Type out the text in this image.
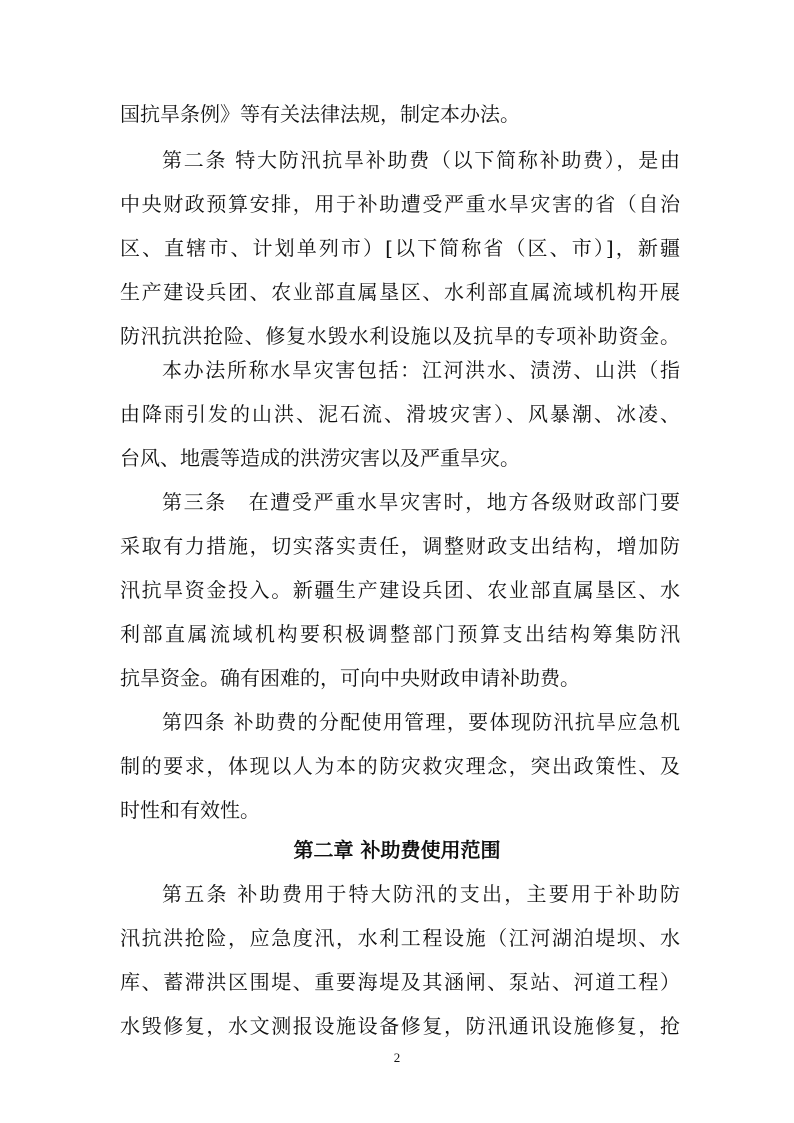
国抗旱条例》等有关法律法规，制定本办法。
第二条 特大防汛抗旱补助费（以下简称补助费），是由
中央财政预算安排，用于补助遭受严重水旱灾害的省（自治
区、直辖市、计划单列市）[以下简称省（区、市）]，新疆
生产建设兵团、农业部直属垦区、水利部直属流域机构开展
防汛抗洪抢险、修复水毁水利设施以及抗旱的专项补助资金。
本办法所称水旱灾害包括：江河洪水、渍涝、山洪（指
由降雨引发的山洪、泥石流、滑坡灾害）、风暴潮、冰凌、
台风、地震等造成的洪涝灾害以及严重旱灾。
第三条　在遭受严重水旱灾害时，地方各级财政部门要
采取有力措施，切实落实责任，调整财政支出结构，增加防
汛抗旱资金投入。新疆生产建设兵团、农业部直属垦区、水
利部直属流域机构要积极调整部门预算支出结构筹集防汛
抗旱资金。确有困难的，可向中央财政申请补助费。
第四条 补助费的分配使用管理，要体现防汛抗旱应急机
制的要求，体现以人为本的防灾救灾理念，突出政策性、及
时性和有效性。
第二章 补助费使用范围
第五条 补助费用于特大防汛的支出，主要用于补助防
汛抗洪抢险，应急度汛，水利工程设施（江河湖泊堤坝、水
库、蓄滞洪区围堤、重要海堤及其涵闸、泵站、河道工程）
水毁修复，水文测报设施设备修复，防汛通讯设施修复，抢
2
